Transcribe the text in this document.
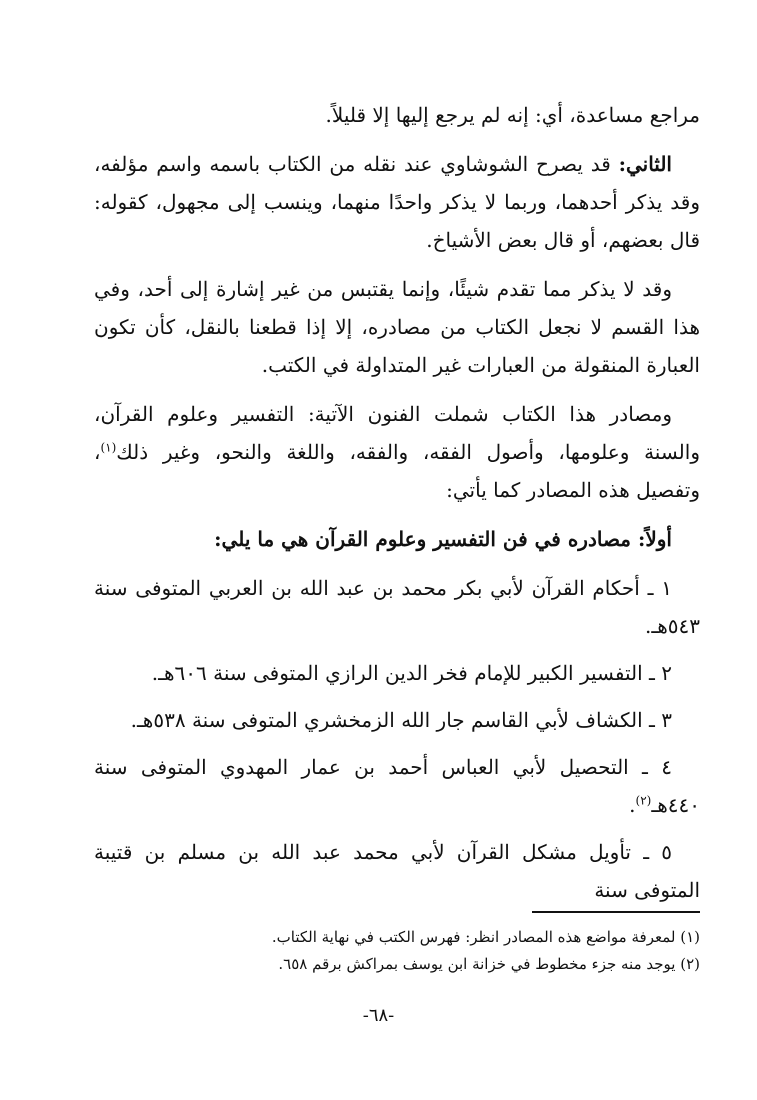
مراجع مساعدة، أي: إنه لم يرجع إليها إلا قليلاً.

الثاني: قد يصرح الشوشاوي عند نقله من الكتاب باسمه واسم مؤلفه، وقد يذكر أحدهما، وربما لا يذكر واحدًا منهما، وينسب إلى مجهول، كقوله: قال بعضهم، أو قال بعض الأشياخ.

وقد لا يذكر مما تقدم شيئًا، وإنما يقتبس من غير إشارة إلى أحد، وفي هذا القسم لا نجعل الكتاب من مصادره، إلا إذا قطعنا بالنقل، كأن تكون العبارة المنقولة من العبارات غير المتداولة في الكتب.

ومصادر هذا الكتاب شملت الفنون الآتية: التفسير وعلوم القرآن، والسنة وعلومها، وأصول الفقه، والفقه، واللغة والنحو، وغير ذلك$^{(١)}$، وتفصيل هذه المصادر كما يأتي:

أولاً: مصادره في فن التفسير وعلوم القرآن هي ما يلي:

١ ـ أحكام القرآن لأبي بكر محمد بن عبد الله بن العربي المتوفى سنة ٥٤٣هـ.

٢ ـ التفسير الكبير للإمام فخر الدين الرازي المتوفى سنة ٦٠٦هـ.

٣ ـ الكشاف لأبي القاسم جار الله الزمخشري المتوفى سنة ٥٣٨هـ.

٤ ـ التحصيل لأبي العباس أحمد بن عمار المهدوي المتوفى سنة ٤٤٠هـ$^{(٢)}$.

٥ ـ تأويل مشكل القرآن لأبي محمد عبد الله بن مسلم بن قتيبة المتوفى سنة

(١) لمعرفة مواضع هذه المصادر انظر: فهرس الكتب في نهاية الكتاب.
(٢) يوجد منه جزء مخطوط في خزانة ابن يوسف بمراكش برقم ٦٥٨.
-٦٨-
